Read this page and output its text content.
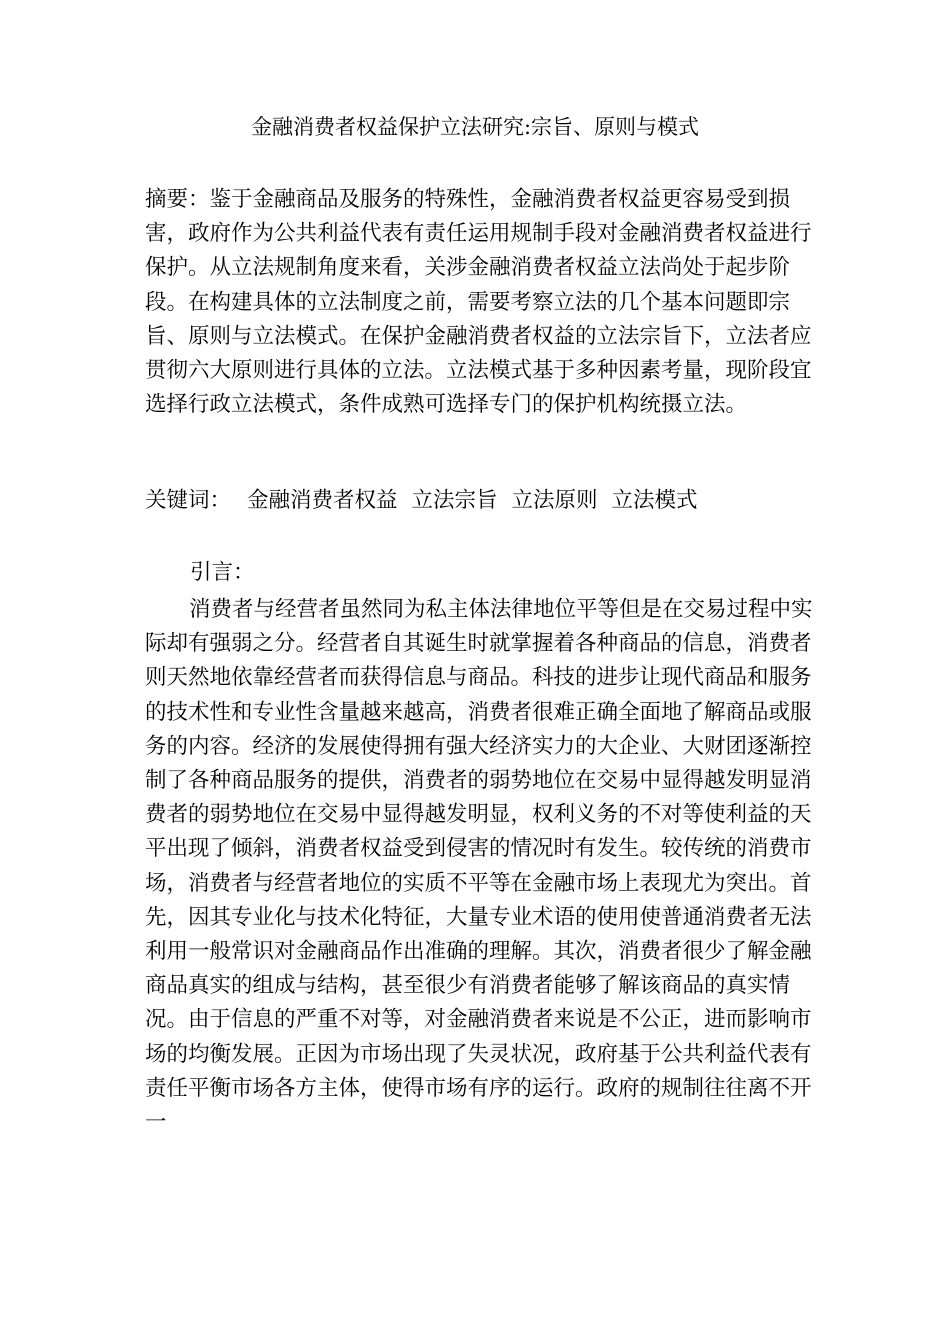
金融消费者权益保护立法研究:宗旨、原则与模式
摘要：鉴于金融商品及服务的特殊性，金融消费者权益更容易受到损害，政府作为公共利益代表有责任运用规制手段对金融消费者权益进行保护。从立法规制角度来看，关涉金融消费者权益立法尚处于起步阶段。在构建具体的立法制度之前，需要考察立法的几个基本问题即宗旨、原则与立法模式。在保护金融消费者权益的立法宗旨下，立法者应贯彻六大原则进行具体的立法。立法模式基于多种因素考量，现阶段宜选择行政立法模式，条件成熟可选择专门的保护机构统摄立法。
关键词： 金融消费者权益 立法宗旨 立法原则 立法模式
引言：
消费者与经营者虽然同为私主体法律地位平等但是在交易过程中实际却有强弱之分。经营者自其诞生时就掌握着各种商品的信息，消费者则天然地依靠经营者而获得信息与商品。科技的进步让现代商品和服务的技术性和专业性含量越来越高，消费者很难正确全面地了解商品或服务的内容。经济的发展使得拥有强大经济实力的大企业、大财团逐渐控制了各种商品服务的提供，消费者的弱势地位在交易中显得越发明显消费者的弱势地位在交易中显得越发明显，权利义务的不对等使利益的天平出现了倾斜，消费者权益受到侵害的情况时有发生。较传统的消费市场，消费者与经营者地位的实质不平等在金融市场上表现尤为突出。首先，因其专业化与技术化特征，大量专业术语的使用使普通消费者无法利用一般常识对金融商品作出准确的理解。其次，消费者很少了解金融商品真实的组成与结构，甚至很少有消费者能够了解该商品的真实情况。由于信息的严重不对等，对金融消费者来说是不公正，进而影响市场的均衡发展。正因为市场出现了失灵状况，政府基于公共利益代表有责任平衡市场各方主体，使得市场有序的运行。政府的规制往往离不开一
